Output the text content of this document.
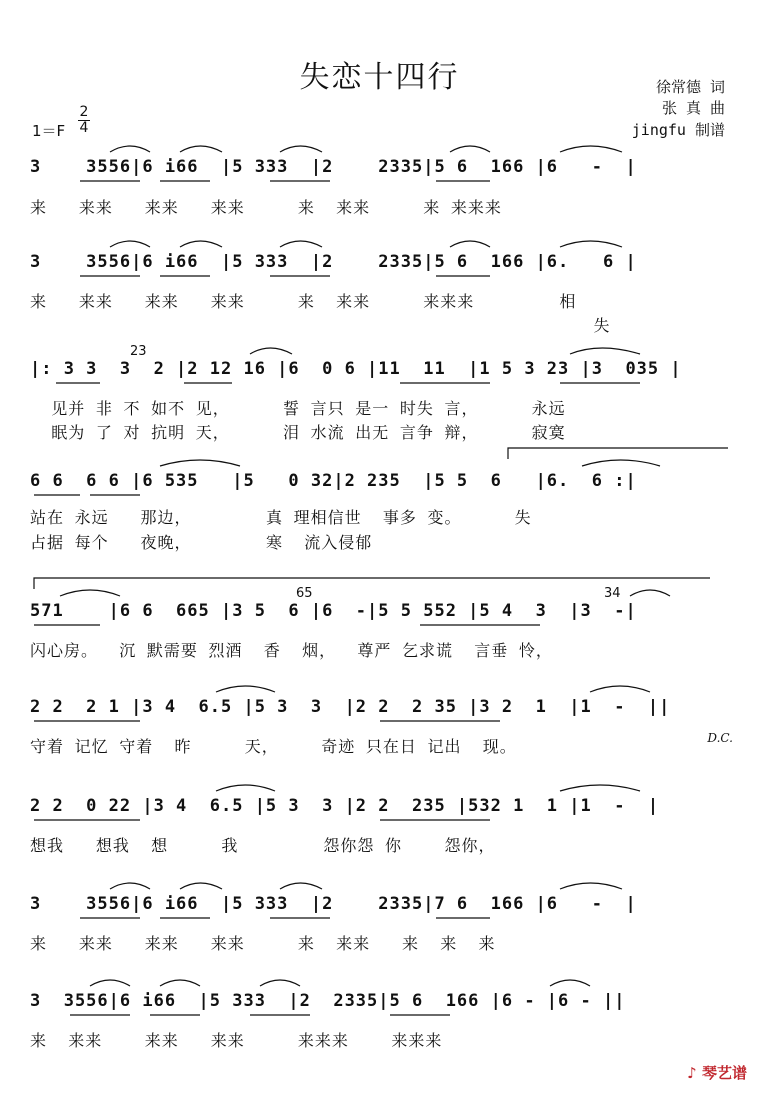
失恋十四行	徐常德 词
张 真 曲
jingfu 制谱
1＝F
2
4
3    3556|6 i66  |5 333  |2    2335|5 6  166 |6   -  |
来   来来   来来   来来     来  来来     来 来来来
3    3556|6 i66  |5 333  |2    2335|5 6  166 |6.   6 |
来   来来   来来   来来     来  来来     来来来        相
失
|: 3 3  3  2 |2 12 16 |6  0 6 |11  11  |1 5 3 23 |3  035 |
见并 非 不 如不 见，     誓 言只 是一 时失 言，     永远
眠为 了 对 抗明 天，     泪 水流 出无 言争 辩，     寂寞
6 6  6 6 |6 535   |5   0 32|2 235  |5 5  6   |6.  6 :|
站在 永远   那边，       真 理相信世  事多 变。     失
占据 每个   夜晚，       寒  流入侵郁
571    |6 6  665 |3 5  6 |6  -|5 5 552 |5 4  3  |3  -|
闪心房。  沉 默需要 烈酒  香  烟，  尊严 乞求谎  言垂 怜，
2 2  2 1 |3 4  6.5 |5 3  3  |2 2  2 35 |3 2  1  |1  -  ||
守着 记忆 守着  昨     天，    奇迹 只在日 记出  现。
2 2  0 22 |3 4  6.5 |5 3  3 |2 2  235 |532 1  1 |1  -  |
想我   想我  想     我        怨你怨 你    怨你，
3    3556|6 i66  |5 333  |2    2335|7 6  166 |6   -  |
来   来来   来来   来来     来  来来   来  来  来
3  3556|6 i66  |5 333  |2  2335|5 6  166 |6 - |6 - ||
来  来来    来来   来来     来来来    来来来
23
65	34
D.C.
♪ 琴艺谱
